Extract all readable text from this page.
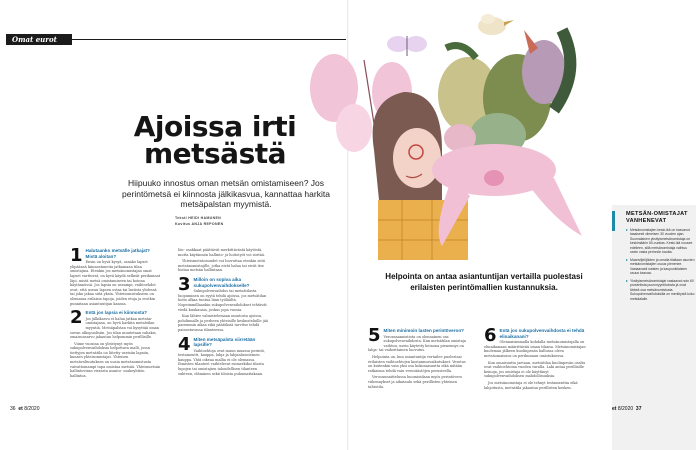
Omat eurot
Ajoissa irti
metsästä

Hiipuuko innostus oman metsän omistamiseen? Jos perintömetsä ei kiinnosta jälkikasvua, kannattaa harkita metsäpalstan myymistä.

Teksti HEIDI HAMUNEN
Kuvitus ANJA REPONEN
1 Halutaanko metsälle jatkajat? Mistä aloitan?

Ensin on hyvä kysyä, osaako lapset ylipäänsä kiinnostaneita jatkamaan tilan omistajina. Etenkin jos metsänomistajan omat lapset varttuvat, on hyvä käydä selkeät perikunnat läpi, mistä metsä omistamiseen tai kotona käytännössä. Jos lapsia on useampi, vaihtoehdot ovat, että usean lapsen ostaa tai lastista yhdessä tai joku jakaa siitä yksin. Yhteisomistukseen on olemassa erilaisia tapoja, joiden etuja ja erotkin punnitaan asiantuntijan kanssa.

2 Entä jos lapsia ei kiinnosta?

Jos jälkikasvu ei halua jatkaa metsän-omistajana, on hyvä harkita metsätilan myyntiä. Metsäpalstan voi kysyttää oman suvun ulkopuolisiin. Jos tilan muutetaan rahaksi, omaisuusarvo jakautuu helpommin perillisille.

Viime vuosina on yleistynyt myös sukupolvenvaihdoksia helpottava malli, jossa tiettyjen metsätila on liitetty useisiin lapsiin, kunnes yhteisomistajat. Yhteisen metsävaltuutuksen on uusia metsänomistusta vaivattomampi tapa omistaa metsää. Yhteismetsän hallintoviran vierasta asunto- osakeyhtiön hallintoa.

lön- osakkaat päättävät merkittävästä käytöstä, mutta käytännön hallinto- ja hoitotyöt voi siirtää.

Yhteismetsäosuudet voi luovuttaa etenkin siitä metsänomistajille, jotka eivät halua tai eivät itse hoitaa metsän hallintaan.

3 Milloin on sopiva aika sukupolvenvaihdokselle?

Sukupolvenvaihdos tai metsätilasta luopuminen on syytä tehdä ajoissa, jos metsätilan hoito alkaa tuntua liian työläältä. Nopeimmillaankin sukupolvenvaihdokset tehtävät viedä kuukausia, joskus jopa vuosia.

Kun lähtee valmistelemaan muutosta ajoissa, pohdinnalle ja perheen yhteisille keskusteluille jää paremmin aikaa eikä päätöksiä tarvitse tehdä painostavassa tilanteessa.

4 Miten metsäpalsta siirretään lapsille?

Vaihtoehtoja ovat muun muassa perintö, testamentti, kauppa, lahja ja lahjanluonteinen kauppa. Yhtä oikeaa mallia ei ole olemassa. Ihmisten tilanteet vaihtelevat esimerkiksi tilasta lupojen tai omistajien taloudellisen tilanteen suhteen, eläminen sekä tiloista puhumattakaan.

36 et 8/2020

Helpointa on antaa asiantuntijan vertailla puolestasi erilaisten perintömallien kustannuksia.

5 Miten minimoin lasten perintöveron?

Veronsaannistiota on olennainen osa sukupolvenvaihdosta. Kun metsätilan omistaja vaihtuu, usein käytetty keinona pienennys on lahja- tai vaiheittainen luovutus.

Helpointa on, kun asiantuntija vertailee puolestasi erilaisten vaihtoehtojen kustannusvaikutukset. Verotus on kuitenkin vain yksi osa kokonaisuutta eikä mitään ratkaisua tehdä vain verosäästöjen perusteella.

Verosuunnittelussa huomioidaan myös perintövero vähennykset ja aikataulu sekä perillisten yhteinen tahtotila.

6 Entä jos sukupolvenvaihdosta ei tehdä elinaikanani?

Olennaisimmalla kohdalla metsänomistajalla on elinaikanaan määrittävää oman tilansa. Metsänomistajan kuoleman jälkeen kuolinpesän hallussa oleva metsäomaisuus on perikunnan omistuksessa.

Kun omaisuutta jaetaan, metsätilaa kuolinpesän osalta ovat vaihtoehtoina vuoden varalla. Laki antaa perillisille keinoja, jos omistaja ei ole käyttänyt sukupolvenvaihdoksen mahdollisuuksia.

Jos metsänomistaja ei ole tehnyt testamenttia eikä lahjoitusta, metsätila jakautuu perillisten kesken.

METSÄN-OMISTAJAT VANHENEVAT
Metsänomistajien keski-ikä on kasvanut tasaisesti viimeisen 30 vuoden ajan. Suomalainen yksityismetsänomistaja on keskimäärin 60-vuotias. Keski-ikä nousee edelleen, sillä metsänomistaja vaihtuu usein vasta perinnön kautta.
Maanviljelijöiden ja omalla tilallaan asuvien metsänomistajien osuus pienenee. Vastaavasti naisten ja kaupunkilaisten osuus kasvaa.
Yksityismetsänomistajat vastaavat noin 60 prosentista puunmyyntitulosta ja ovat tärkeä osa metsänomistusta. Sukupolvenvaihdoksilla on merkitystä koko metsäalalle.
et 8/2020 37
